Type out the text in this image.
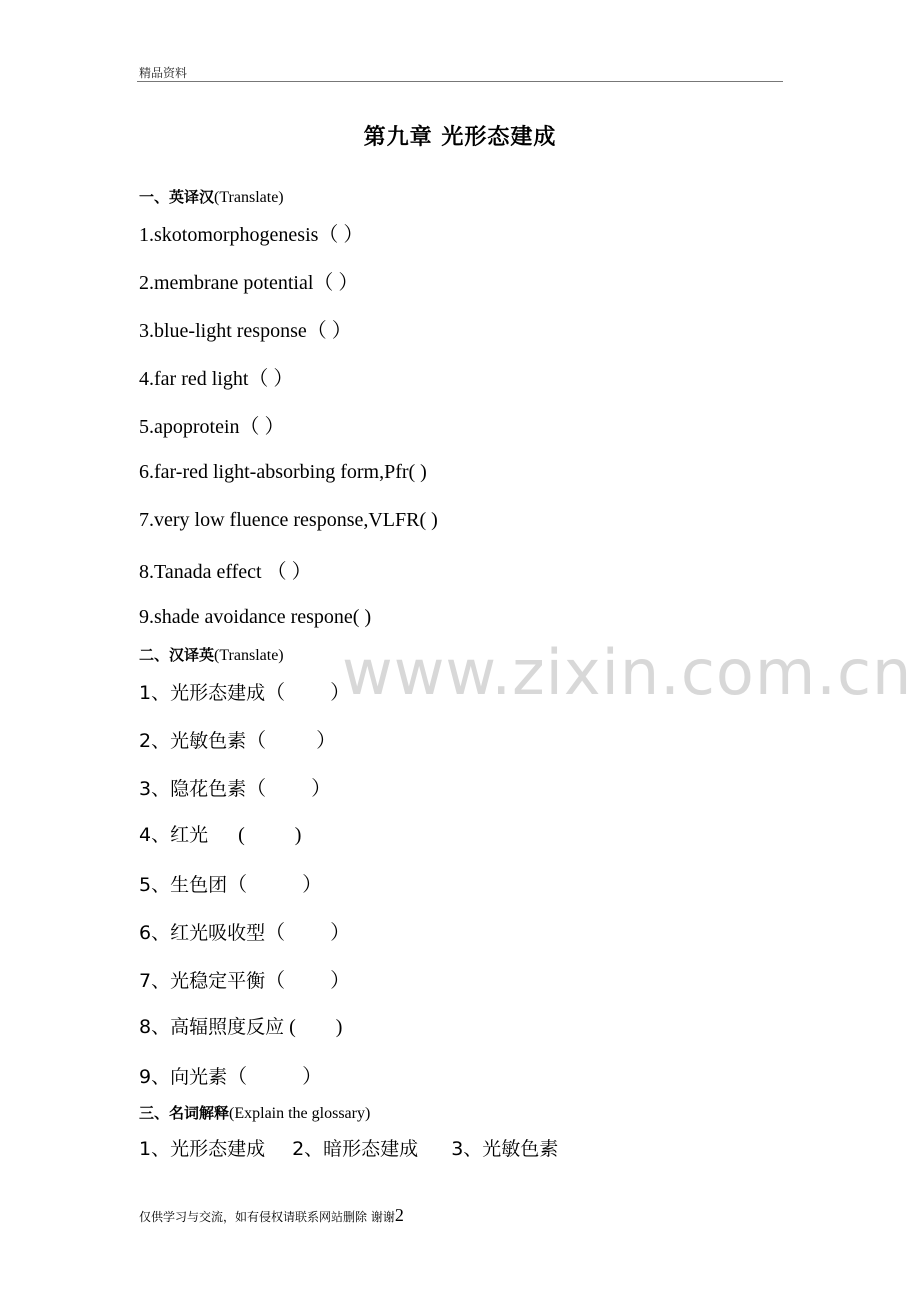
精品资料
www.zixin.com.cn
第九章 光形态建成
一、英译汉(Translate)
1.skotomorphogenesis（ ）
2.membrane potential（ ）
3.blue-light response（ ）
4.far red light（ ）
5.apoprotein（ ）
6.far-red light-absorbing form,Pfr( )
7.very low fluence response,VLFR( )
8.Tanada effect （ ）
9.shade avoidance respone( )
二、汉译英(Translate)
1、光形态建成（         ）
2、光敏色素（          ）
3、隐花色素（         ）
4、红光      (          )
5、生色团（           ）
6、红光吸收型（         ）
7、光稳定平衡（         ）
8、高辐照度反应 (        )
9、向光素（           ）
三、名词解释(Explain the glossary)
1、光形态建成 2、暗形态建成 3、光敏色素
仅供学习与交流，如有侵权请联系网站删除 谢谢2
